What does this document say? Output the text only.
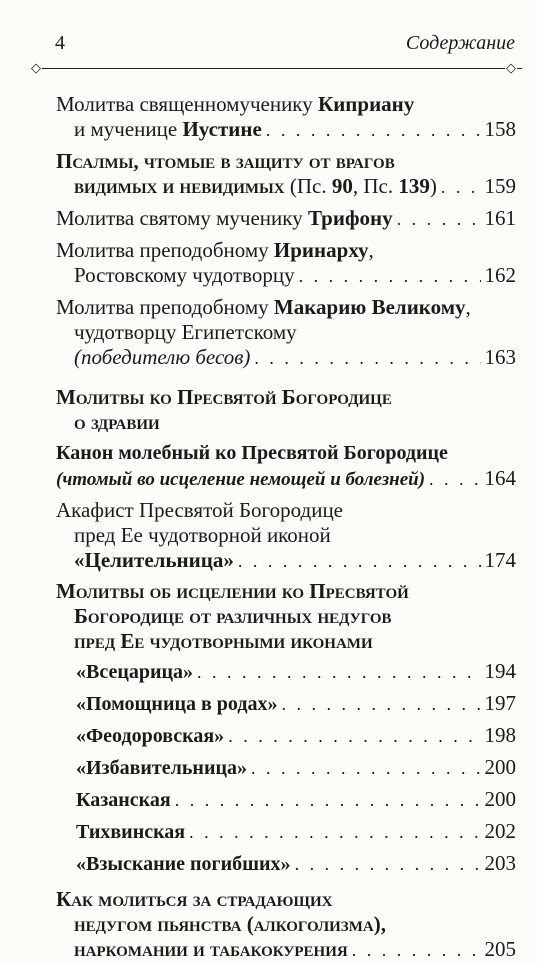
4	Содержание
◇	◇
Молитва священномученику Киприану
и мученице Иустине . . .	158
Псалмы, чтомые в защиту от врагов
видимых и невидимых (Пс. 90, Пс. 139) . . . 159
Молитва святому мученику Трифону . . .	161
Молитва преподобному Иринарху,
Ростовскому чудотворцу . . .	162
Молитва преподобному Макарию Великому,
чудотворцу Египетскому
(победителю бесов) . . .	163
Молитвы ко Пресвятой Богородице
о здравии
Канон молебный ко Пресвятой Богородице
(чтомый во исцеление немощей и болезней) . . .	164
Акафист Пресвятой Богородице
пред Ее чудотворной иконой
«Целительница» . . .	174
Молитвы об исцелении ко Пресвятой
Богородице от различных недугов
пред Ее чудотворными иконами
«Всецарица» . . .	194
«Помощница в родах» . . .	197
«Феодоровская» . . .	198
«Избавительница» . . .	200
Казанская . . .	200
Тихвинская . . .	202
«Взыскание погибших» . . .	203
Как молиться за страдающих
недугом пьянства (алкоголизма),
наркомании и табакокурения . . .	205
